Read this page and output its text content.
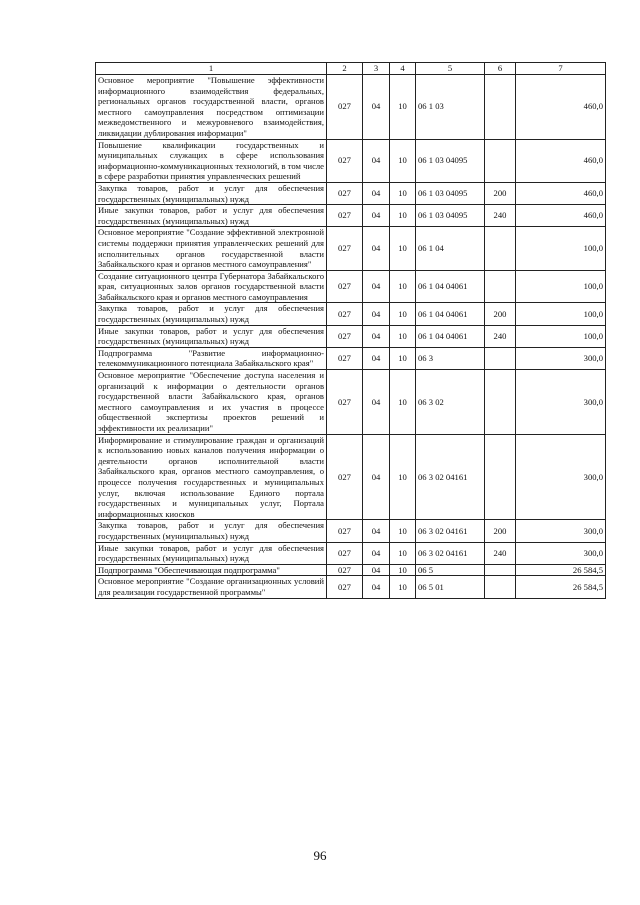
1	2	3	4	5	6	7
Основное мероприятие "Повышение эффективности информационного взаимодействия федеральных, региональных органов государственной власти, органов местного самоуправления посредством оптимизации межведомственного и межуровневого взаимодействия, ликвидации дублирования информации"	027	04	10	06 1 03		460,0
Повышение квалификации государственных и муниципальных служащих в сфере использования информационно-коммуникационных технологий, в том числе в сфере разработки принятия управленческих решений	027	04	10	06 1 03 04095		460,0
Закупка товаров, работ и услуг для обеспечения государственных (муниципальных) нужд	027	04	10	06 1 03 04095	200	460,0
Иные закупки товаров, работ и услуг для обеспечения государственных (муниципальных) нужд	027	04	10	06 1 03 04095	240	460,0
Основное мероприятие "Создание эффективной электронной системы поддержки принятия управленческих решений для исполнительных органов государственной власти Забайкальского края и органов местного самоуправления"	027	04	10	06 1 04		100,0
Создание ситуационного центра Губернатора Забайкальского края, ситуационных залов органов государственной власти Забайкальского края и органов местного самоуправления	027	04	10	06 1 04 04061		100,0
Закупка товаров, работ и услуг для обеспечения государственных (муниципальных) нужд	027	04	10	06 1 04 04061	200	100,0
Иные закупки товаров, работ и услуг для обеспечения государственных (муниципальных) нужд	027	04	10	06 1 04 04061	240	100,0
Подпрограмма "Развитие информационно-телекоммуникационного потенциала Забайкальского края"	027	04	10	06 3		300,0
Основное мероприятие "Обеспечение доступа населения и организаций к информации о деятельности органов государственной власти Забайкальского края, органов местного самоуправления и их участия в процессе общественной экспертизы проектов решений и эффективности их реализации"	027	04	10	06 3 02		300,0
Информирование и стимулирование граждан и организаций к использованию новых каналов получения информации о деятельности органов исполнительной власти Забайкальского края, органов местного самоуправления, о процессе получения государственных и муниципальных услуг, включая использование Единого портала государственных и муниципальных услуг, Портала информационных киосков	027	04	10	06 3 02 04161		300,0
Закупка товаров, работ и услуг для обеспечения государственных (муниципальных) нужд	027	04	10	06 3 02 04161	200	300,0
Иные закупки товаров, работ и услуг для обеспечения государственных (муниципальных) нужд	027	04	10	06 3 02 04161	240	300,0
Подпрограмма "Обеспечивающая подпрограмма"	027	04	10	06 5		26 584,5
Основное мероприятие "Создание организационных условий для реализации государственной программы"	027	04	10	06 5 01		26 584,5
96
